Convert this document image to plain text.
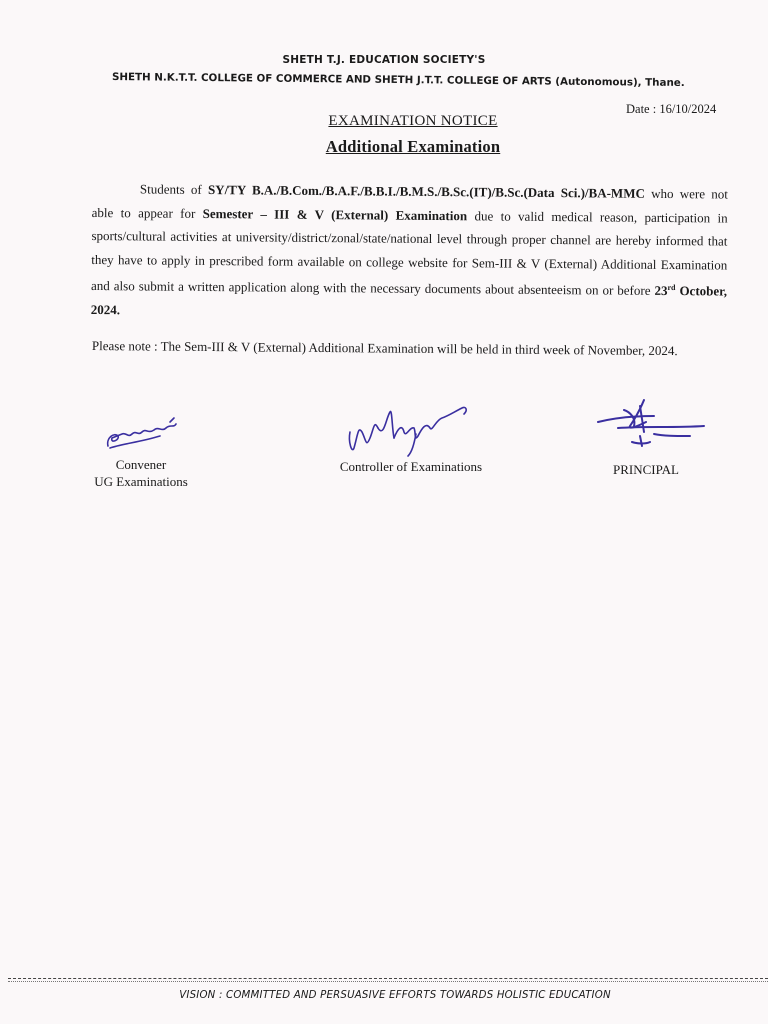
SHETH T.J. EDUCATION SOCIETY'S
SHETH N.K.T.T. COLLEGE OF COMMERCE AND SHETH J.T.T. COLLEGE OF ARTS (Autonomous), Thane.
Date : 16/10/2024
EXAMINATION NOTICE
Additional Examination
Students of SY/TY B.A./B.Com./B.A.F./B.B.I./B.M.S./B.Sc.(IT)/B.Sc.(Data Sci.)/BA-MMC who were not able to appear for Semester – III & V (External) Examination due to valid medical reason, participation in sports/cultural activities at university/district/zonal/state/national level through proper channel are hereby informed that they have to apply in prescribed form available on college website for Sem-III & V (External) Additional Examination and also submit a written application along with the necessary documents about absenteeism on or before 23rd October, 2024.
Please note : The Sem-III & V (External) Additional Examination will be held in third week of November, 2024.
Convener
UG Examinations
Controller of Examinations	PRINCIPAL
VISION : COMMITTED AND PERSUASIVE EFFORTS TOWARDS HOLISTIC EDUCATION
